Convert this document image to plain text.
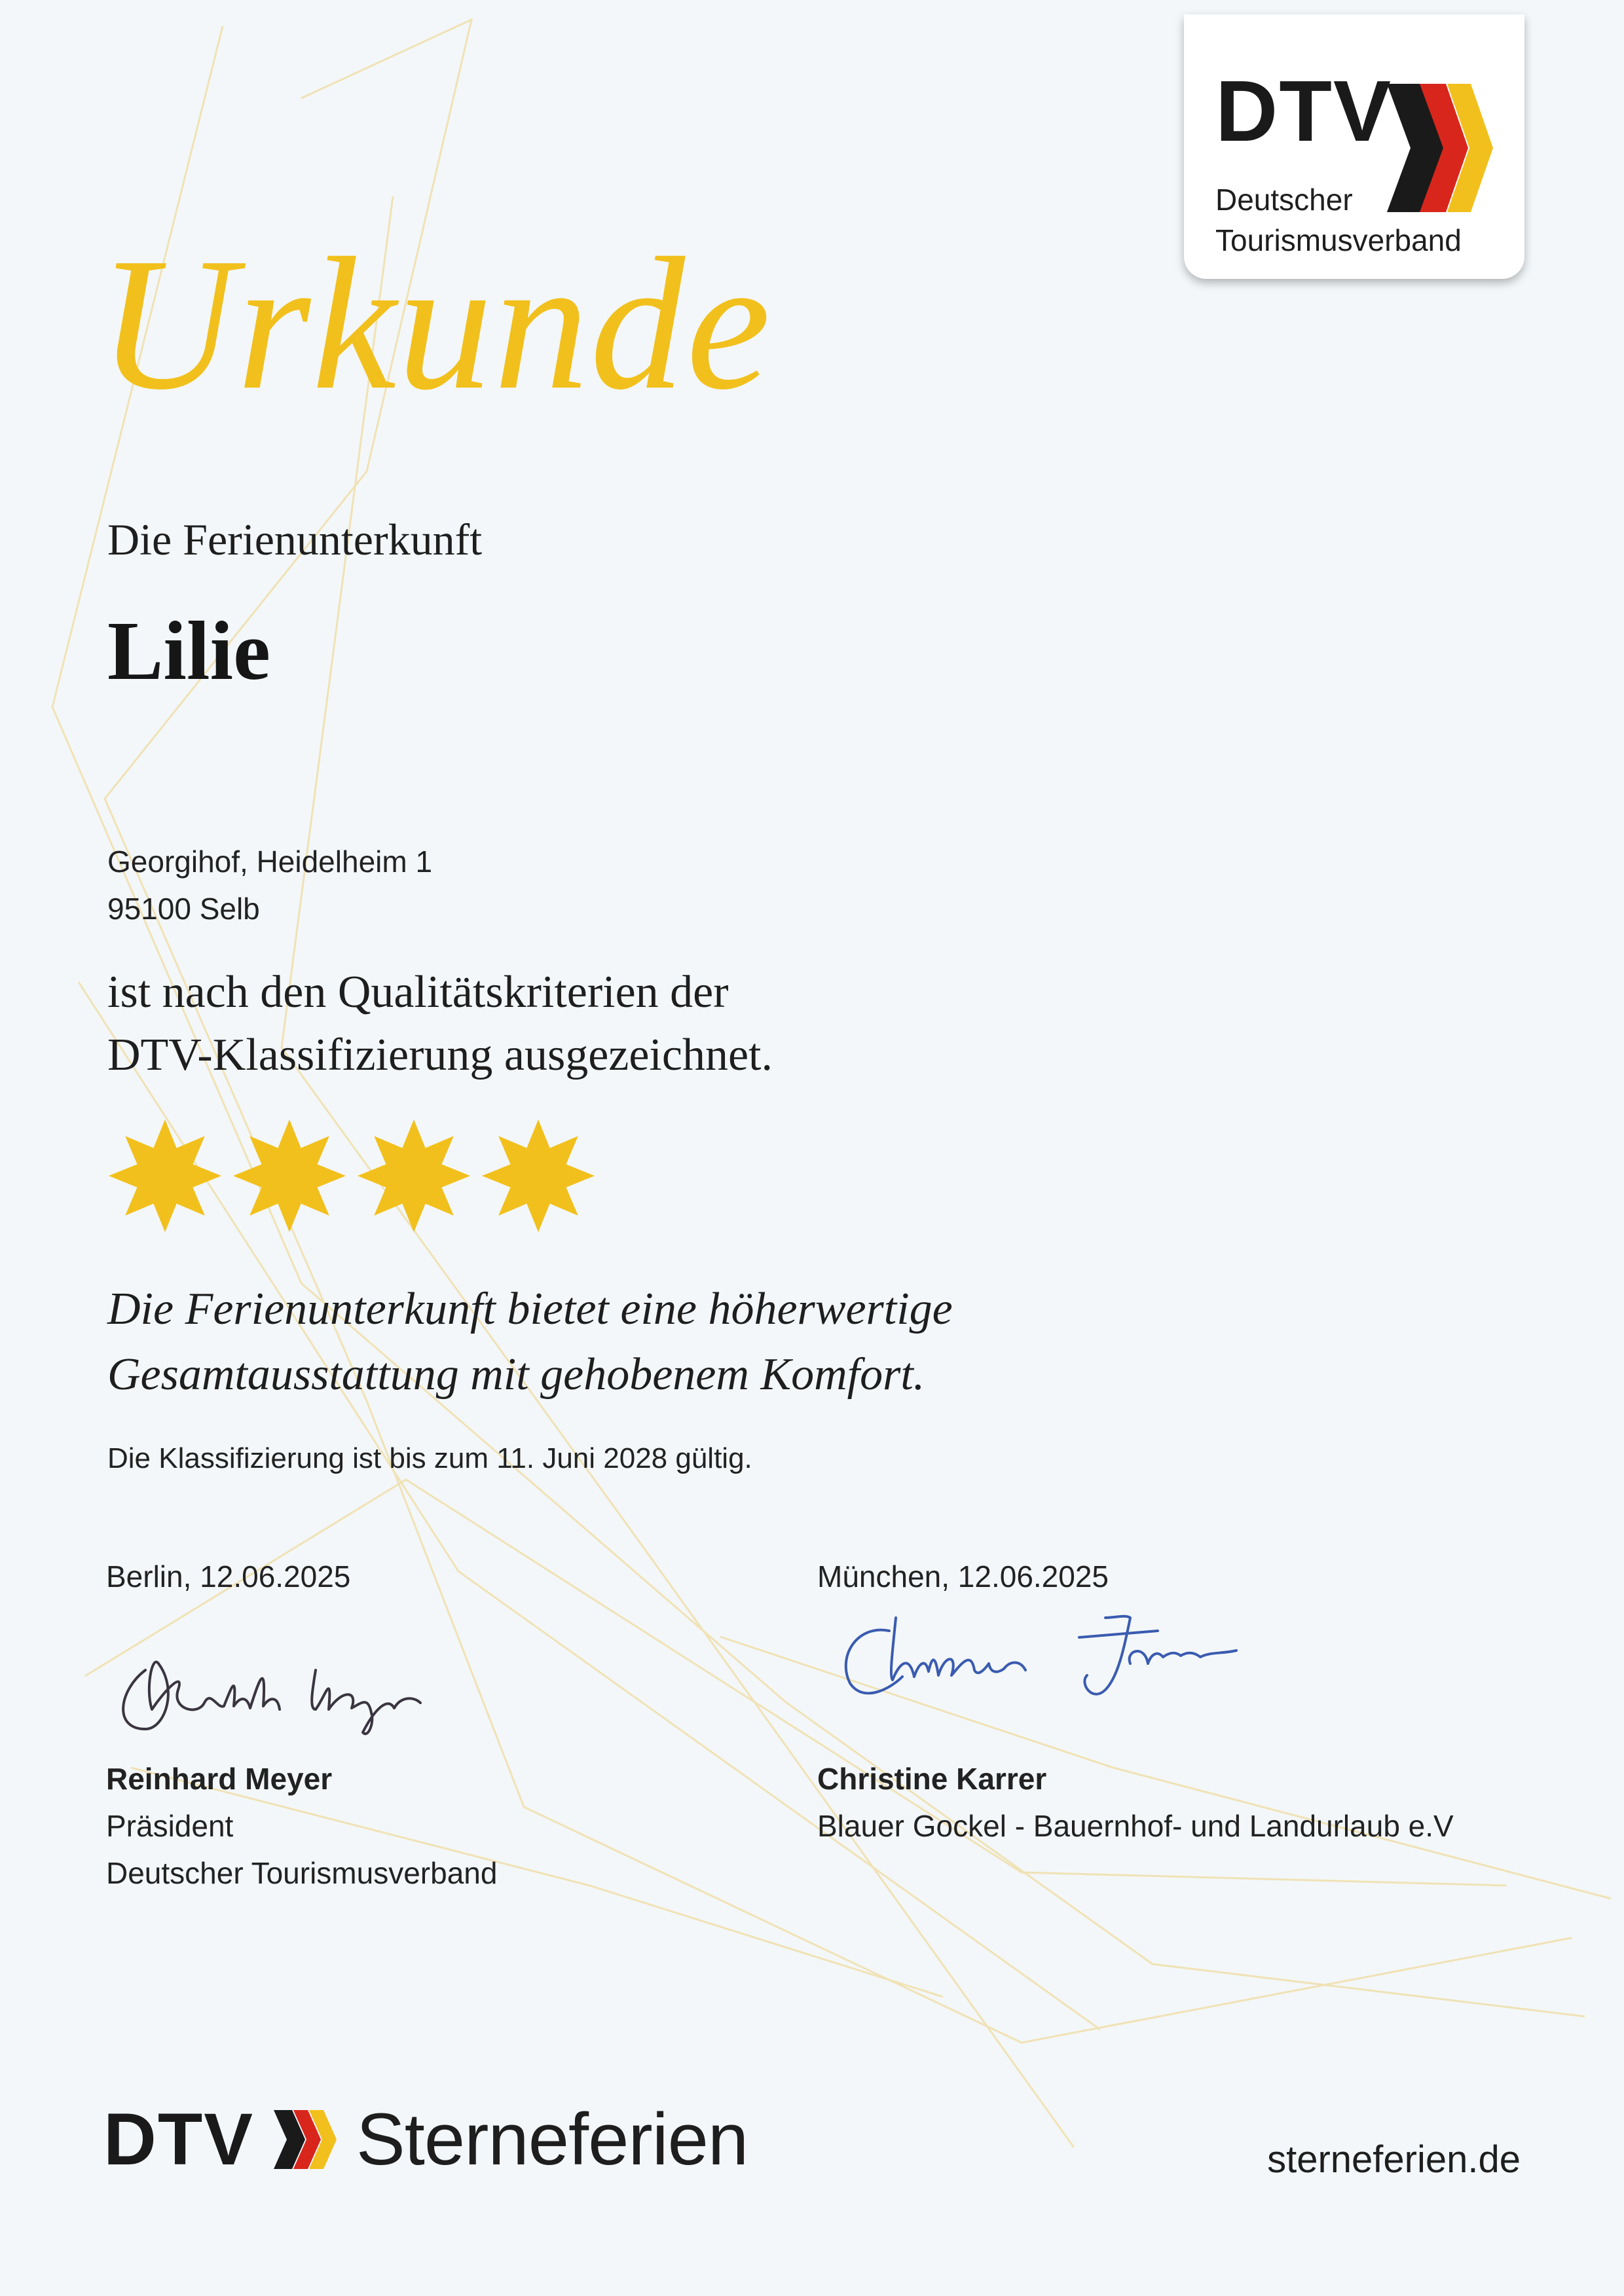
DTV
Deutscher
Tourismusverband
Urkunde
Die Ferienunterkunft
Lilie
Georgihof, Heidelheim 1
95100 Selb
ist nach den Qualitätskriterien der
DTV-Klassifizierung ausgezeichnet.
Die Ferienunterkunft bietet eine höherwertige
Gesamtausstattung mit gehobenem Komfort.
Die Klassifizierung ist bis zum 11. Juni 2028 gültig.
Berlin, 12.06.2025
Reinhard Meyer
Präsident
Deutscher Tourismusverband
München, 12.06.2025
Christine Karrer
Blauer Gockel - Bauernhof- und Landurlaub e.V
DTV Sterneferien	sterneferien.de
